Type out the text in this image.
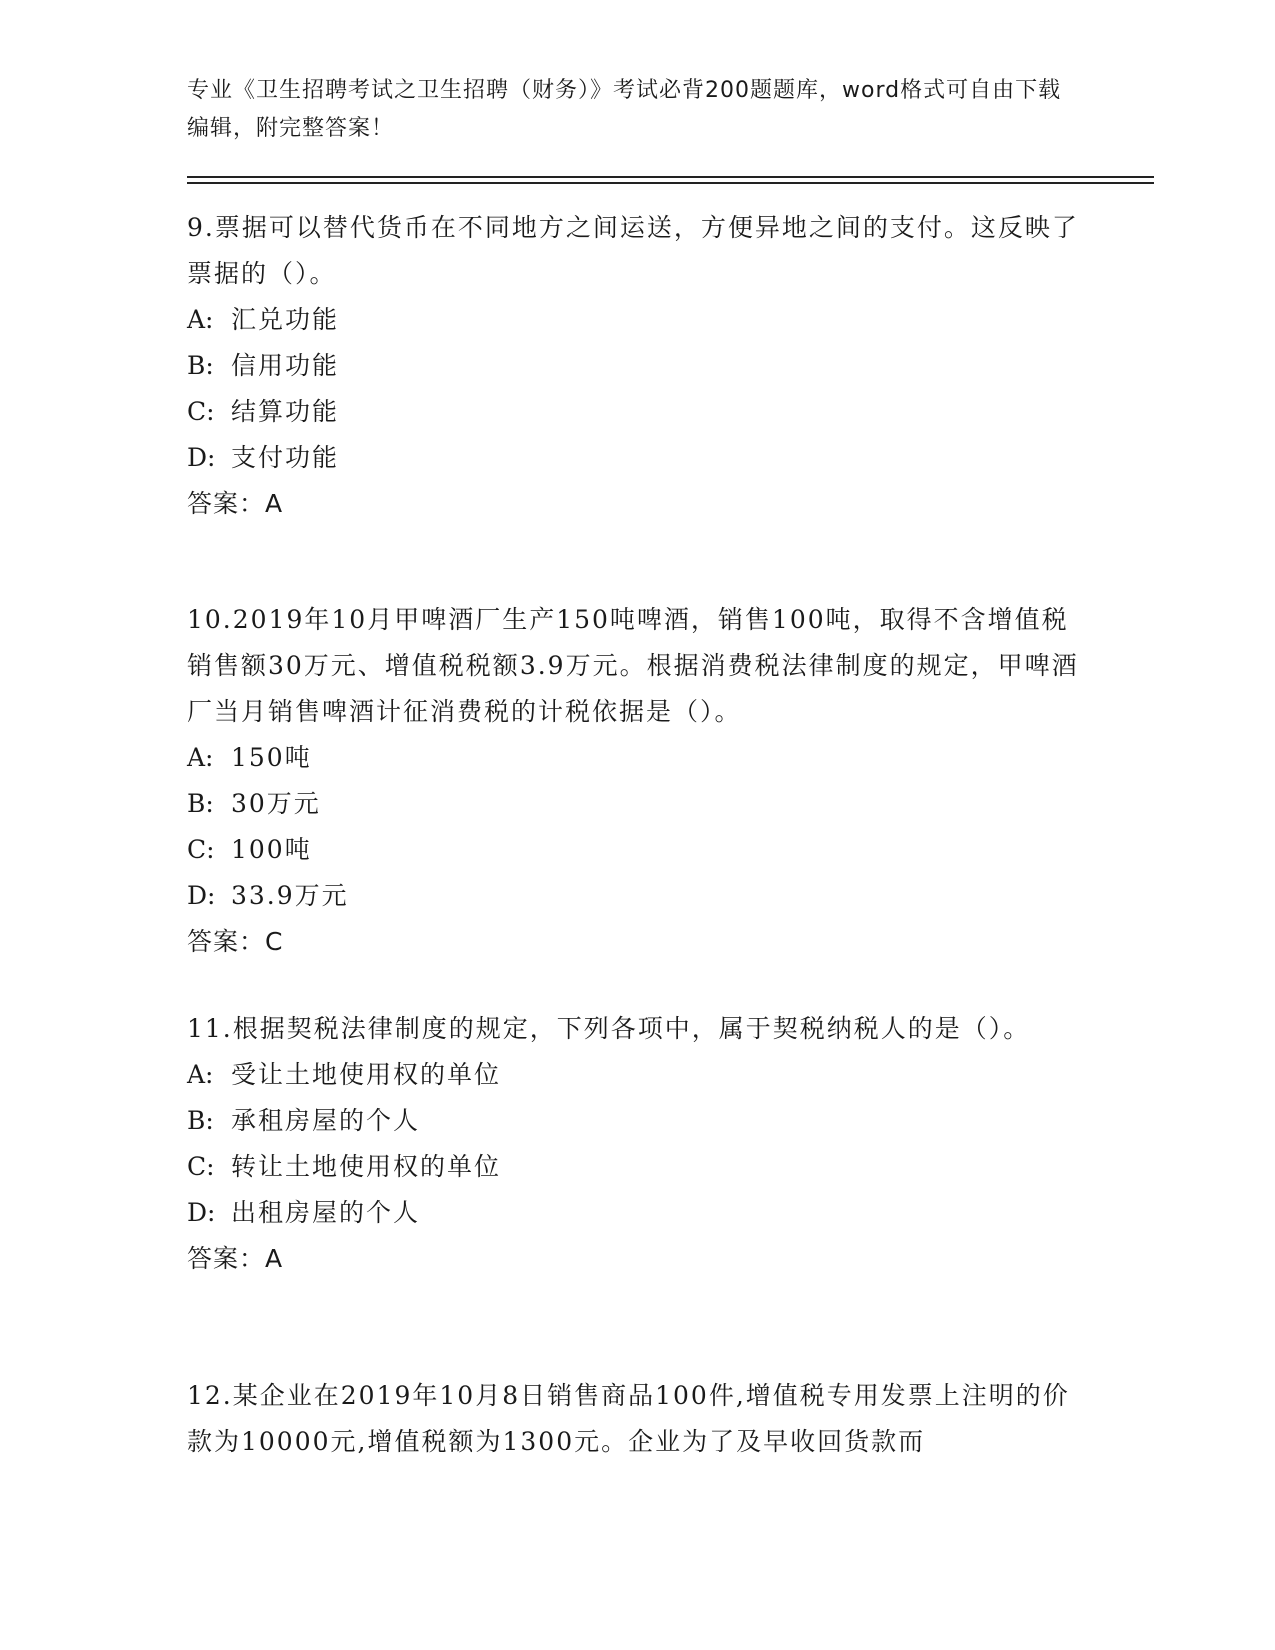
专业《卫生招聘考试之卫生招聘（财务）》考试必背200题题库，word格式可自由下载编辑，附完整答案！

9.票据可以替代货币在不同地方之间运送，方便异地之间的支付。这反映了票据的（）。

A: 汇兑功能

B: 信用功能

C: 结算功能

D: 支付功能

答案：A

10.2019年10月甲啤酒厂生产150吨啤酒，销售100吨，取得不含增值税销售额30万元、增值税税额3.9万元。根据消费税法律制度的规定，甲啤酒厂当月销售啤酒计征消费税的计税依据是（）。

A: 150吨

B: 30万元

C: 100吨

D: 33.9万元

答案：C

11.根据契税法律制度的规定，下列各项中，属于契税纳税人的是（）。

A: 受让土地使用权的单位

B: 承租房屋的个人

C: 转让土地使用权的单位

D: 出租房屋的个人

答案：A

12.某企业在2019年10月8日销售商品100件,增值税专用发票上注明的价款为10000元,增值税额为1300元。企业为了及早收回货款而
